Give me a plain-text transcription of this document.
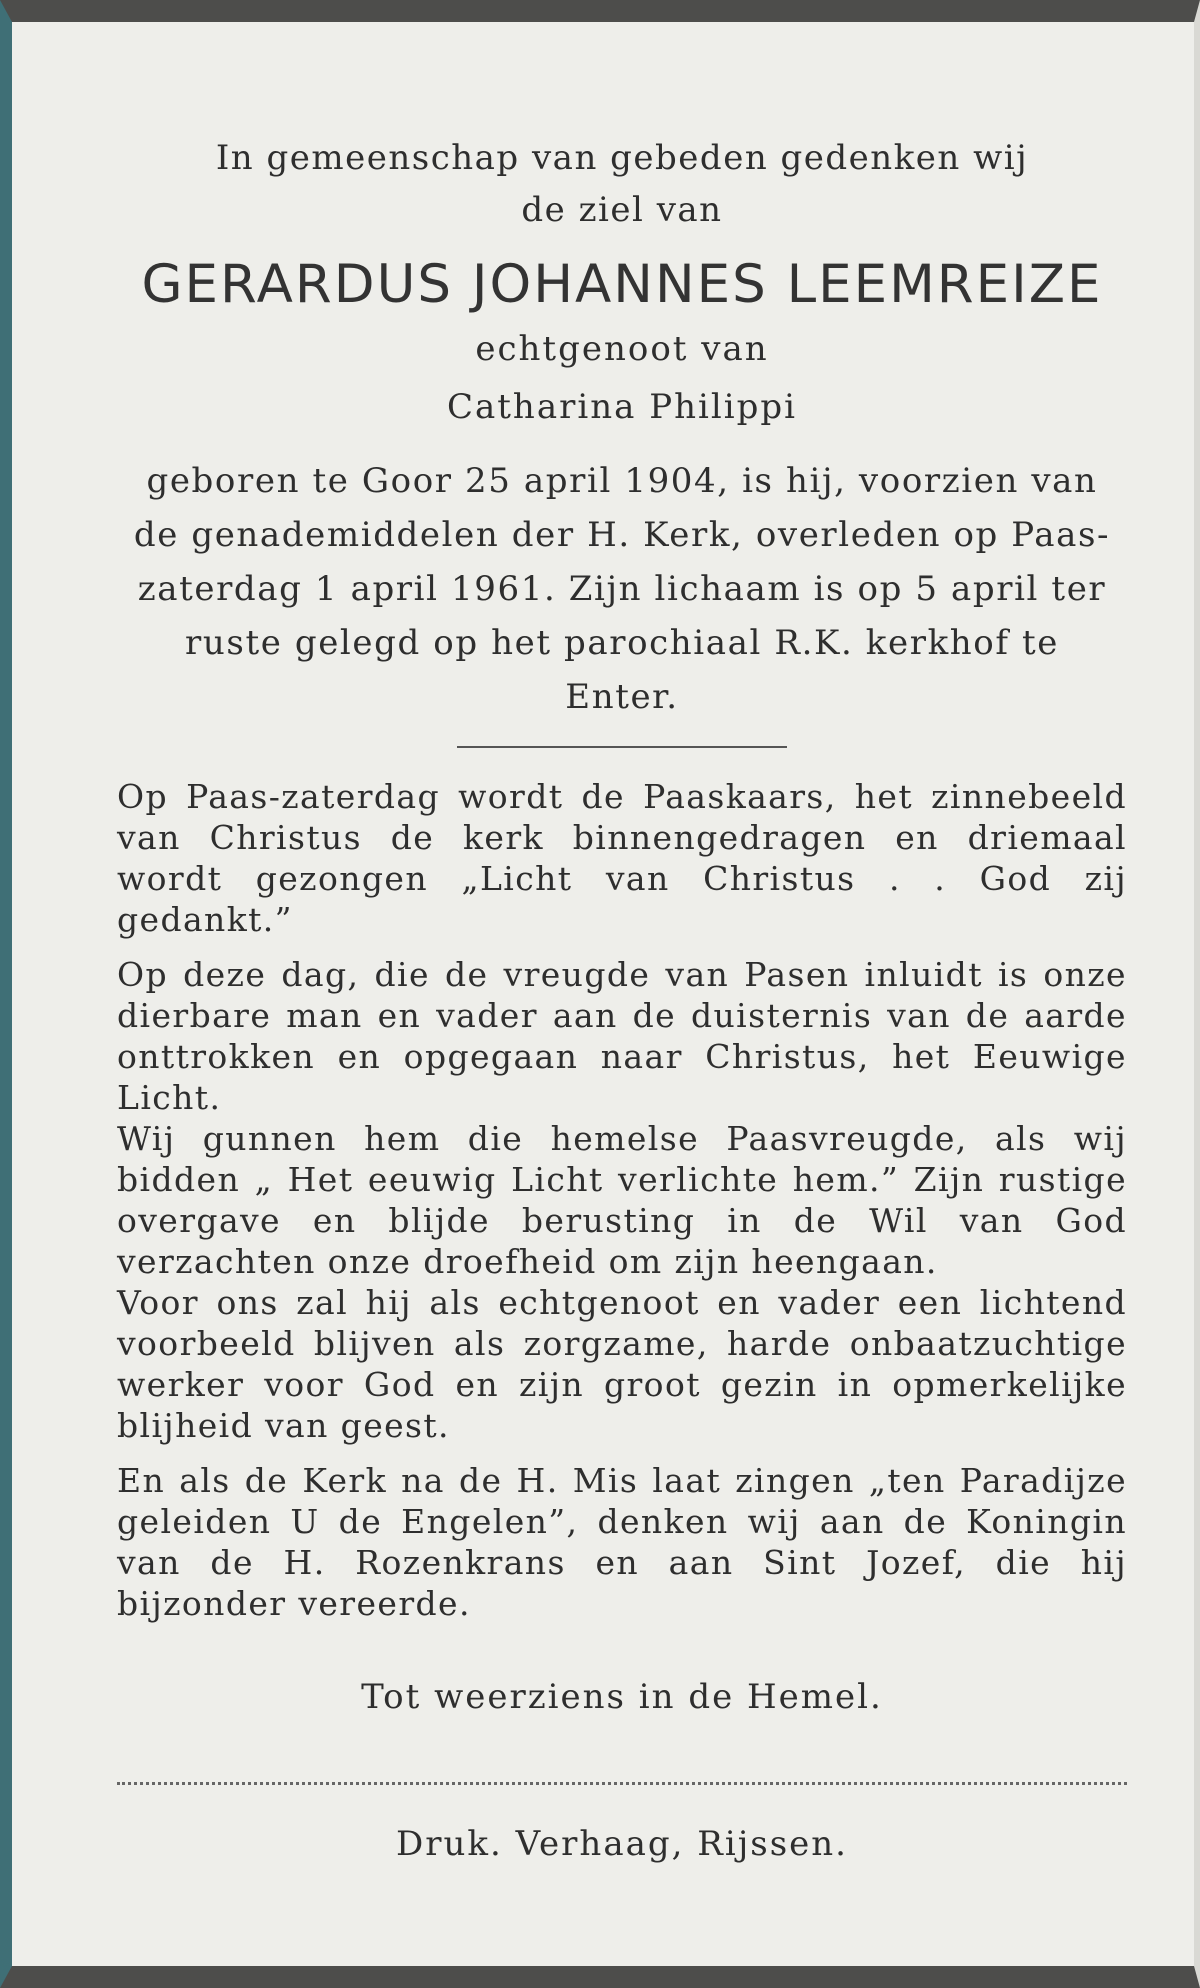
In gemeenschap van gebeden gedenken wij

de ziel van

GERARDUS JOHANNES LEEMREIZE

echtgenoot van

Catharina Philippi

geboren te Goor 25 april 1904, is hij, voorzien van de genademiddelen der H. Kerk, overleden op Paas-zaterdag 1 april 1961. Zijn lichaam is op 5 april ter ruste gelegd op het parochiaal R.K. kerkhof te Enter.

Op Paas-zaterdag wordt de Paaskaars, het zinnebeeld van Christus de kerk binnengedragen en driemaal wordt gezongen „Licht van Christus . . God zij gedankt.”

Op deze dag, die de vreugde van Pasen inluidt is onze dierbare man en vader aan de duisternis van de aarde onttrokken en opgegaan naar Christus, het Eeuwige Licht.

Wij gunnen hem die hemelse Paasvreugde, als wij bidden „ Het eeuwig Licht verlichte hem.” Zijn rustige overgave en blijde berusting in de Wil van God verzachten onze droefheid om zijn heengaan.

Voor ons zal hij als echtgenoot en vader een lichtend voorbeeld blijven als zorgzame, harde onbaatzuchtige werker voor God en zijn groot gezin in opmerkelijke blijheid van geest.

En als de Kerk na de H. Mis laat zingen „ten Paradijze geleiden U de Engelen”, denken wij aan de Koningin van de H. Rozenkrans en aan Sint Jozef, die hij bijzonder vereerde.

Tot weerziens in de Hemel.

Druk. Verhaag, Rijssen.
